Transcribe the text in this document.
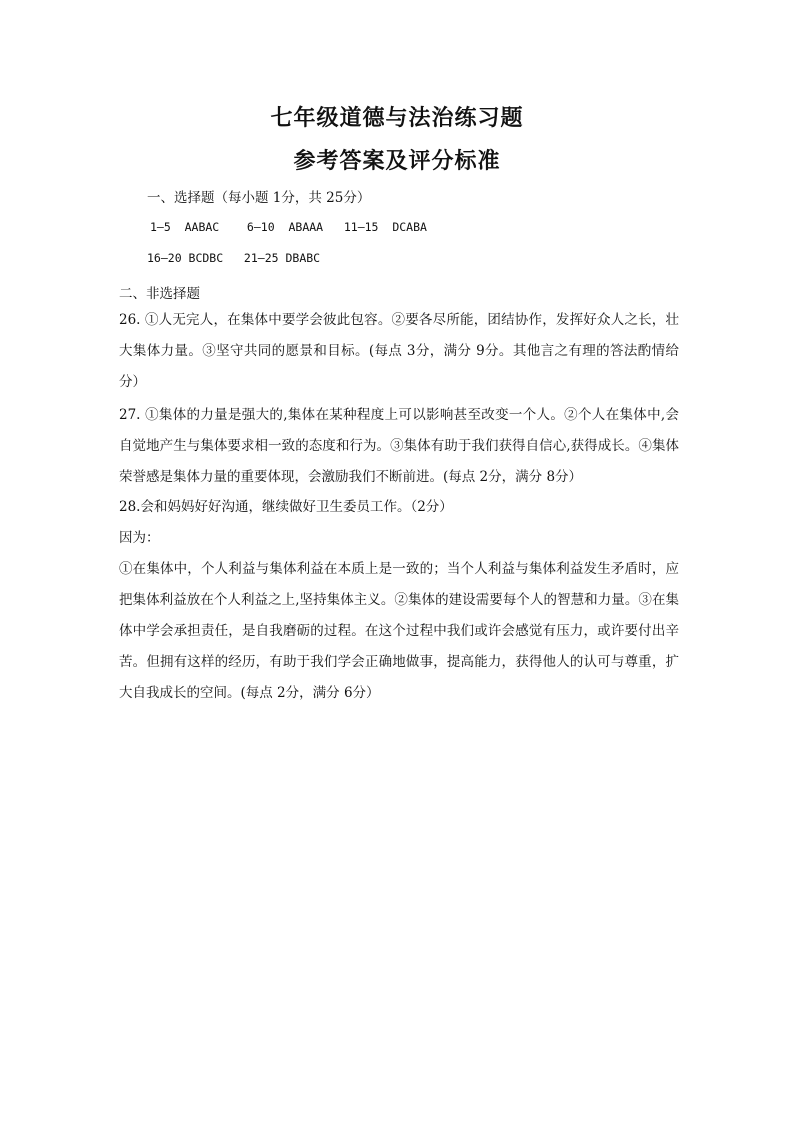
七年级道德与法治练习题
参考答案及评分标准
一、选择题（每小题 1分，共 25分）
1—5  AABAC    6—10  ABAAA   11—15  DCABA
16—20 BCDBC   21—25 DBABC
二、非选择题
26. ①人无完人，在集体中要学会彼此包容。②要各尽所能，团结协作，发挥好众人之长，壮大集体力量。③坚守共同的愿景和目标。(每点 3分，满分 9分。其他言之有理的答法酌情给分）
27. ①集体的力量是强大的,集体在某种程度上可以影响甚至改变一个人。②个人在集体中,会自觉地产生与集体要求相一致的态度和行为。③集体有助于我们获得自信心,获得成长。④集体荣誉感是集体力量的重要体现，会激励我们不断前进。(每点 2分，满分 8分）
28.会和妈妈好好沟通，继续做好卫生委员工作。（2分）
因为：
①在集体中，个人利益与集体利益在本质上是一致的；当个人利益与集体利益发生矛盾时，应把集体利益放在个人利益之上,坚持集体主义。②集体的建设需要每个人的智慧和力量。③在集体中学会承担责任，是自我磨砺的过程。在这个过程中我们或许会感觉有压力，或许要付出辛苦。但拥有这样的经历，有助于我们学会正确地做事，提高能力，获得他人的认可与尊重，扩大自我成长的空间。(每点 2分，满分 6分）
